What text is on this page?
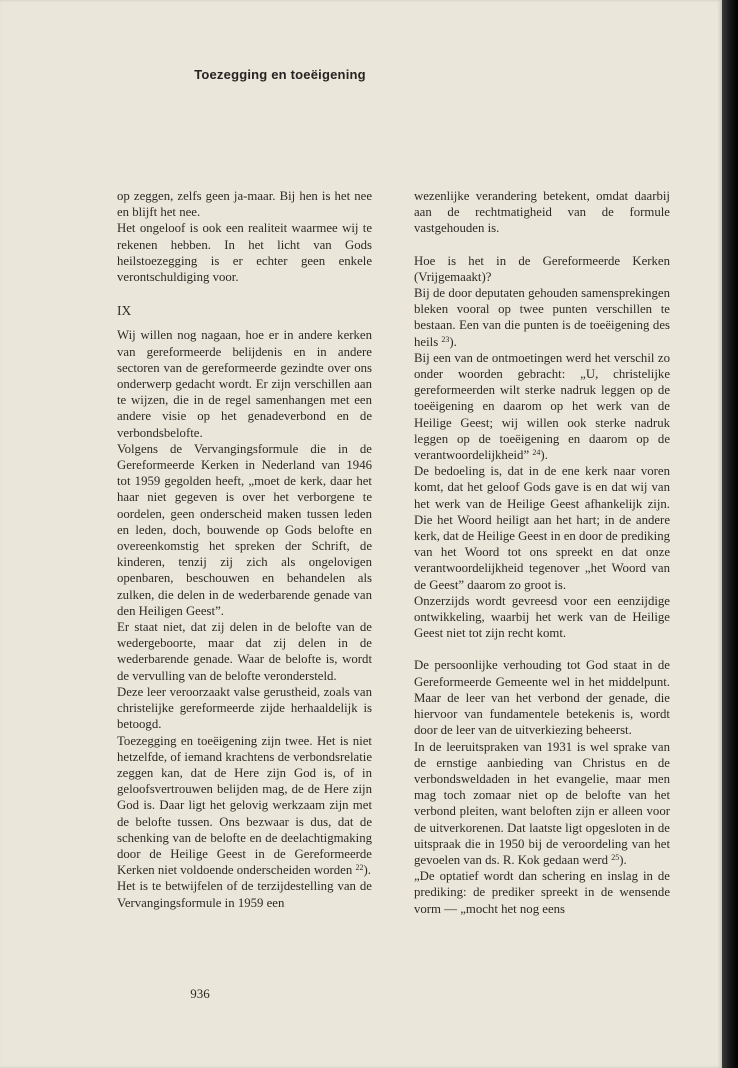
Toezegging en toeëigening

op zeggen, zelfs geen ja-maar. Bij hen is het nee en blijft het nee.

Het ongeloof is ook een realiteit waarmee wij te rekenen hebben. In het licht van Gods heilstoezegging is er echter geen enkele verontschuldiging voor.

IX

Wij willen nog nagaan, hoe er in andere kerken van gereformeerde belijdenis en in andere sectoren van de gereformeerde gezindte over ons onderwerp gedacht wordt. Er zijn verschillen aan te wijzen, die in de regel samenhangen met een andere visie op het genadeverbond en de verbondsbelofte.

Volgens de Vervangingsformule die in de Gereformeerde Kerken in Nederland van 1946 tot 1959 gegolden heeft, „moet de kerk, daar het haar niet gegeven is over het verborgene te oordelen, geen onderscheid maken tussen leden en leden, doch, bouwende op Gods belofte en overeenkomstig het spreken der Schrift, de kinderen, tenzij zij zich als ongelovigen openbaren, beschouwen en behandelen als zulken, die delen in de wederbarende genade van den Heiligen Geest”.

Er staat niet, dat zij delen in de belofte van de wedergeboorte, maar dat zij delen in de wederbarende genade. Waar de belofte is, wordt de vervulling van de belofte verondersteld.

Deze leer veroorzaakt valse gerustheid, zoals van christelijke gereformeerde zijde herhaaldelijk is betoogd.

Toezegging en toeëigening zijn twee. Het is niet hetzelfde, of iemand krachtens de verbondsrelatie zeggen kan, dat de Here zijn God is, of in geloofsvertrouwen belijden mag, de de Here zijn God is. Daar ligt het gelovig werkzaam zijn met de belofte tussen. Ons bezwaar is dus, dat de schenking van de belofte en de deelachtigmaking door de Heilige Geest in de Gereformeerde Kerken niet voldoende onderscheiden worden $^{22}$).

Het is te betwijfelen of de terzijdestelling van de Vervangingsformule in 1959 een

wezenlijke verandering betekent, omdat daarbij aan de rechtmatigheid van de formule vastgehouden is.

Hoe is het in de Gereformeerde Kerken (Vrijgemaakt)?

Bij de door deputaten gehouden samensprekingen bleken vooral op twee punten verschillen te bestaan. Een van die punten is de toeëigening des heils $^{23}$).

Bij een van de ontmoetingen werd het verschil zo onder woorden gebracht: „U, christelijke gereformeerden wilt sterke nadruk leggen op de toeëigening en daarom op het werk van de Heilige Geest; wij willen ook sterke nadruk leggen op de toeëigening en daarom op de verantwoordelijkheid” $^{24}$).

De bedoeling is, dat in de ene kerk naar voren komt, dat het geloof Gods gave is en dat wij van het werk van de Heilige Geest afhankelijk zijn. Die het Woord heiligt aan het hart; in de andere kerk, dat de Heilige Geest in en door de prediking van het Woord tot ons spreekt en dat onze verantwoordelijkheid tegenover „het Woord van de Geest” daarom zo groot is.

Onzerzijds wordt gevreesd voor een eenzijdige ontwikkeling, waarbij het werk van de Heilige Geest niet tot zijn recht komt.

De persoonlijke verhouding tot God staat in de Gereformeerde Gemeente wel in het middelpunt. Maar de leer van het verbond der genade, die hiervoor van fundamentele betekenis is, wordt door de leer van de uitverkiezing beheerst.

In de leeruitspraken van 1931 is wel sprake van de ernstige aanbieding van Christus en de verbondsweldaden in het evangelie, maar men mag toch zomaar niet op de belofte van het verbond pleiten, want beloften zijn er alleen voor de uitverkorenen. Dat laatste ligt opgesloten in de uitspraak die in 1950 bij de veroordeling van het gevoelen van ds. R. Kok gedaan werd $^{25}$).

„De optatief wordt dan schering en inslag in de prediking: de prediker spreekt in de wensende vorm — „mocht het nog eens

936
